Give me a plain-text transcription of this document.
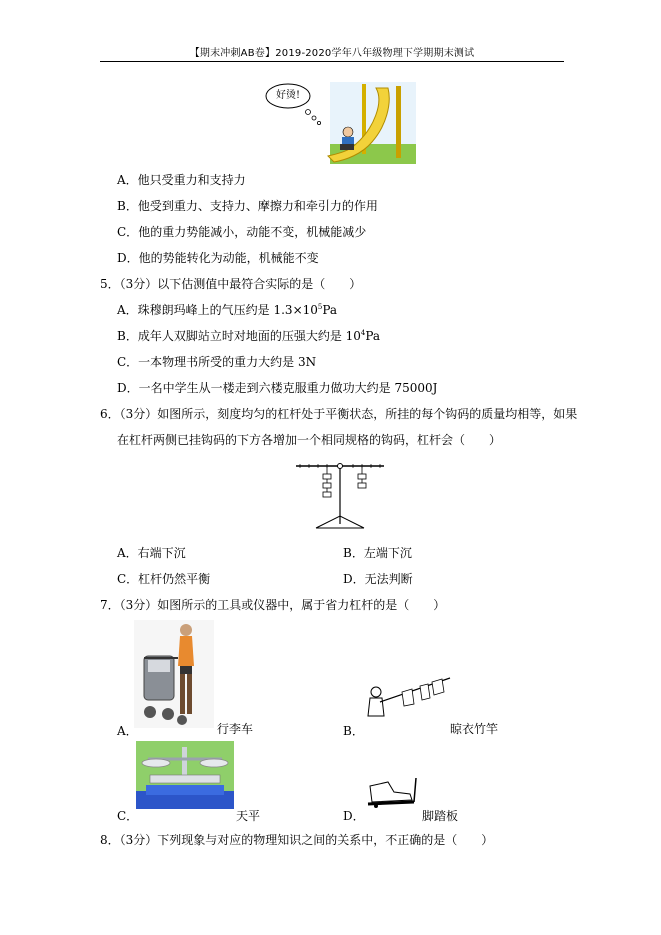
【期末冲刺AB卷】2019-2020学年八年级物理下学期期末测试
好烫!
A．他只受重力和支持力
B．他受到重力、支持力、摩擦力和牵引力的作用
C．他的重力势能减小，动能不变，机械能减少
D．他的势能转化为动能，机械能不变
5．（3分）以下估测值中最符合实际的是（　　）
A．珠穆朗玛峰上的气压约是 $1.3\times 10^5Pa$
B．成年人双脚站立时对地面的压强大约是 $10^4Pa$
C．一本物理书所受的重力大约是 3N
D．一名中学生从一楼走到六楼克服重力做功大约是 75000J
6．（3分）如图所示，刻度均匀的杠杆处于平衡状态，所挂的每个钩码的质量均相等，如果
在杠杆两侧已挂钩码的下方各增加一个相同规格的钩码，杠杆会（　　）
A．右端下沉	B．左端下沉
C．杠杆仍然平衡	D．无法判断
7．（3分）如图所示的工具或仪器中，属于省力杠杆的是（　　）
A．	行李车	B．	晾衣竹竿
C．	天平	D．	脚踏板
8．（3分）下列现象与对应的物理知识之间的关系中，不正确的是（　　）
